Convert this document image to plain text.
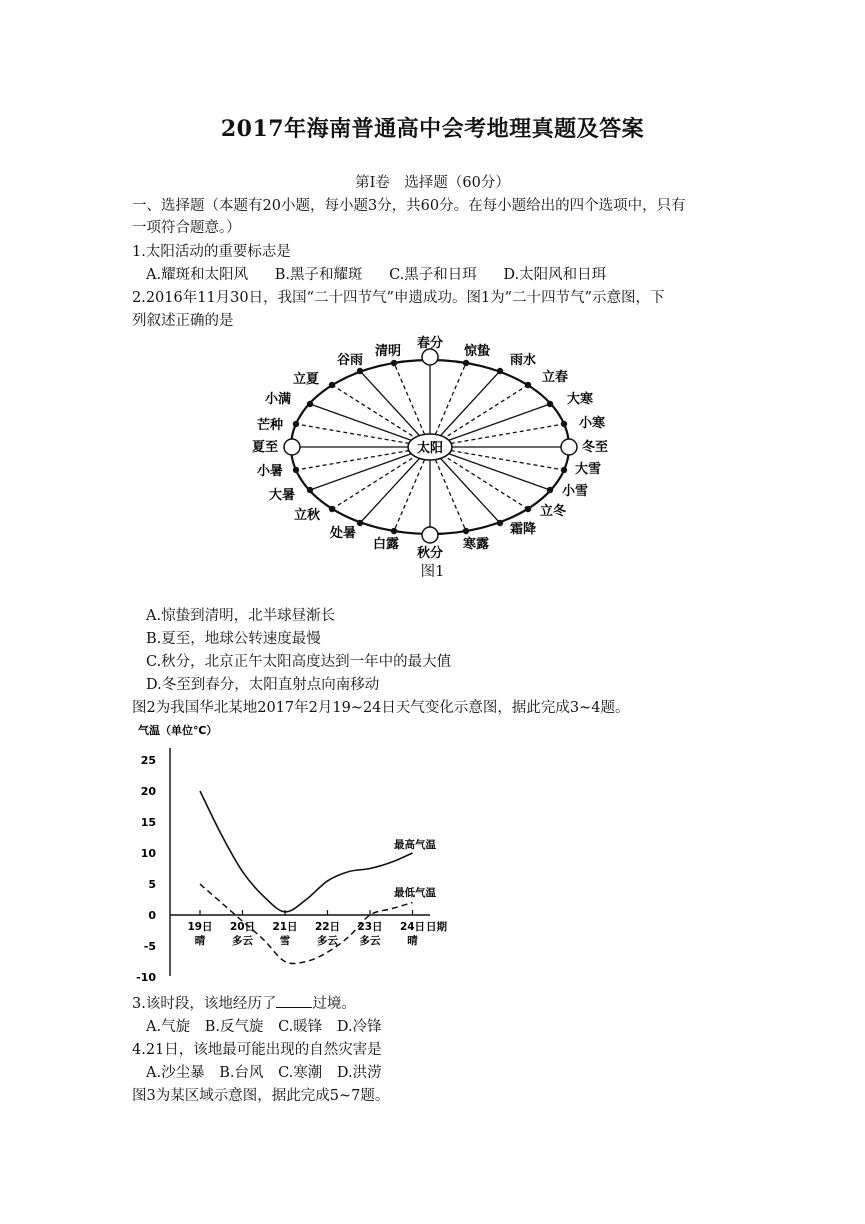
2017年海南普通高中会考地理真题及答案
第Ⅰ卷　选择题（60分）
一、选择题（本题有20小题，每小题3分，共60分。在每小题给出的四个选项中，只有
一项符合题意。）
1.太阳活动的重要标志是
A.耀斑和太阳风 B.黑子和耀斑 C.黑子和日珥 D.太阳风和日珥
2.2016年11月30日，我国“二十四节气”申遗成功。图1为“二十四节气”示意图，下
列叙述正确的是
太阳
春分
惊蛰
雨水
立春
大寒
小寒
冬至
大雪
小雪
立冬
霜降
寒露
秋分
白露
处暑
立秋
大暑
小暑
夏至
芒种
小满
立夏
谷雨
清明
图1
A.惊蛰到清明，北半球昼渐长
B.夏至，地球公转速度最慢
C.秋分，北京正午太阳高度达到一年中的最大值
D.冬至到春分，太阳直射点向南移动
图2为我国华北某地2017年2月19~24日天气变化示意图，据此完成3~4题。
气温（单位℃）
25
20
15
10
5
0
-5
-10
19日
晴
20日
多云
21日
雪
22日
多云
23日
多云
24日
晴
最高气温
最低气温
日期
3.该时段，该地经历了 过境。
A.气旋 B.反气旋 C.暖锋 D.冷锋
4.21日，该地最可能出现的自然灾害是
A.沙尘暴 B.台风 C.寒潮 D.洪涝
图3为某区域示意图，据此完成5~7题。
